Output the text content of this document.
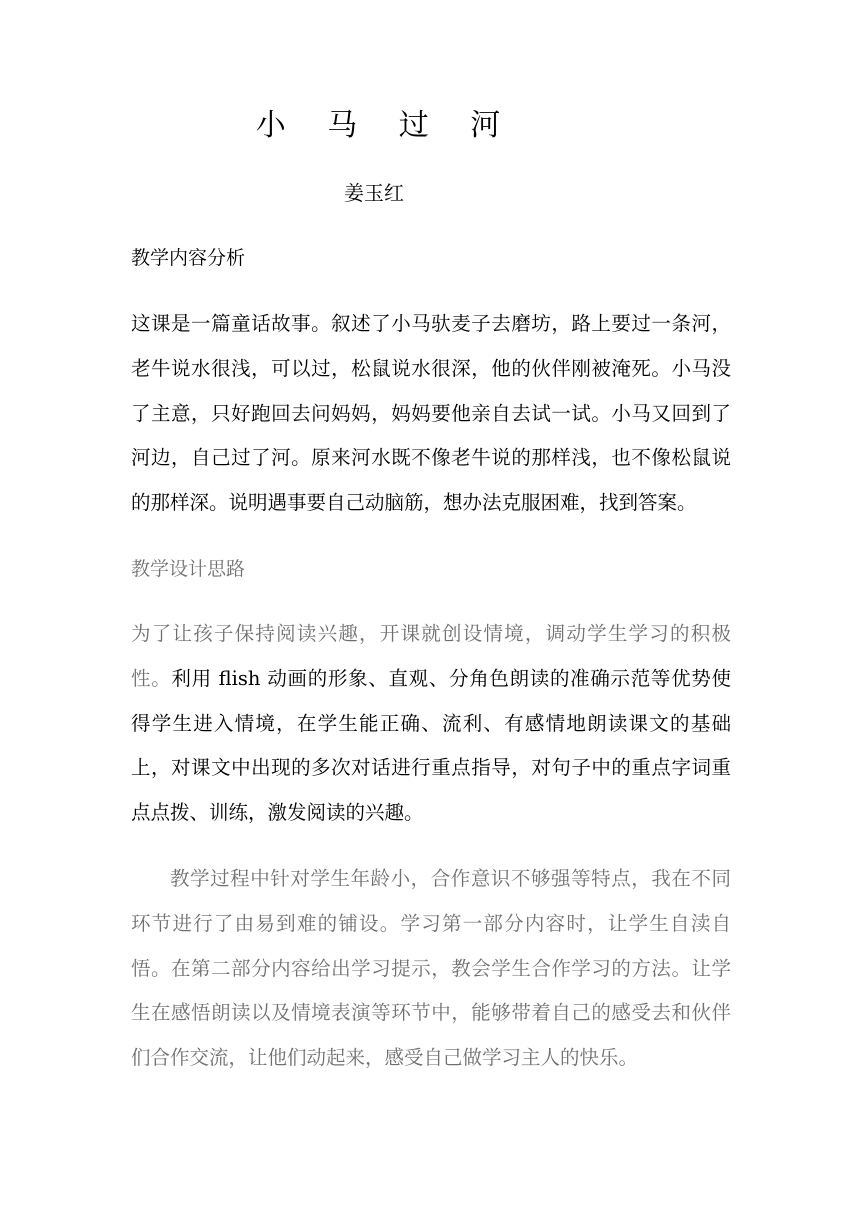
小 马 过 河
姜玉红
教学内容分析

这课是一篇童话故事。叙述了小马驮麦子去磨坊，路上要过一条河，老牛说水很浅，可以过，松鼠说水很深，他的伙伴刚被淹死。小马没了主意，只好跑回去问妈妈，妈妈要他亲自去试一试。小马又回到了河边，自己过了河。原来河水既不像老牛说的那样浅，也不像松鼠说的那样深。说明遇事要自己动脑筋，想办法克服困难，找到答案。

教学设计思路

为了让孩子保持阅读兴趣，开课就创设情境，调动学生学习的积极性。利用 flish 动画的形象、直观、分角色朗读的准确示范等优势使得学生进入情境，在学生能正确、流利、有感情地朗读课文的基础上，对课文中出现的多次对话进行重点指导，对句子中的重点字词重点点拨、训练，激发阅读的兴趣。

教学过程中针对学生年龄小，合作意识不够强等特点，我在不同环节进行了由易到难的铺设。学习第一部分内容时，让学生自渎自悟。在第二部分内容给出学习提示，教会学生合作学习的方法。让学生在感悟朗读以及情境表演等环节中，能够带着自己的感受去和伙伴们合作交流，让他们动起来，感受自己做学习主人的快乐。
